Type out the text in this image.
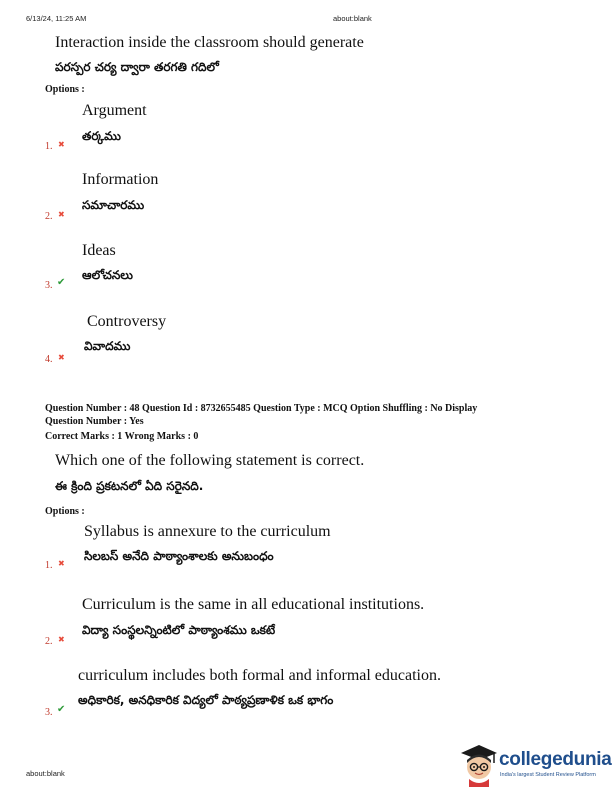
6/13/24, 11:25 AM	about:blank
Interaction inside the classroom should generate
పరస్పర చర్య ద్వారా తరగతి గదిలో
Options :
Argument
తర్కము
1. ✖
Information
సమాచారము
2. ✖
Ideas
ఆలోచనలు
3. ✔
Controversy
వివాదము
4. ✖
Question Number : 48 Question Id : 8732655485 Question Type : MCQ Option Shuffling : No Display
Question Number : Yes
Correct Marks : 1 Wrong Marks : 0
Which one of the following statement is correct.
ఈ క్రింది ప్రకటనలో ఏది సరైనది.
Options :
Syllabus is annexure to the curriculum
సిలబస్ అనేది పాఠ్యాంశాలకు అనుబంధం
1. ✖
Curriculum is the same in all educational institutions.
విద్యా సంస్థలన్నింటిలో పాఠ్యాంశము ఒకటే
2. ✖
curriculum includes both formal and informal education.
అధికారిక, అనధికారిక విద్యలో పాఠ్యప్రణాళిక ఒక భాగం
3. ✔
about:blank
collegedunia
India's largest Student Review Platform
